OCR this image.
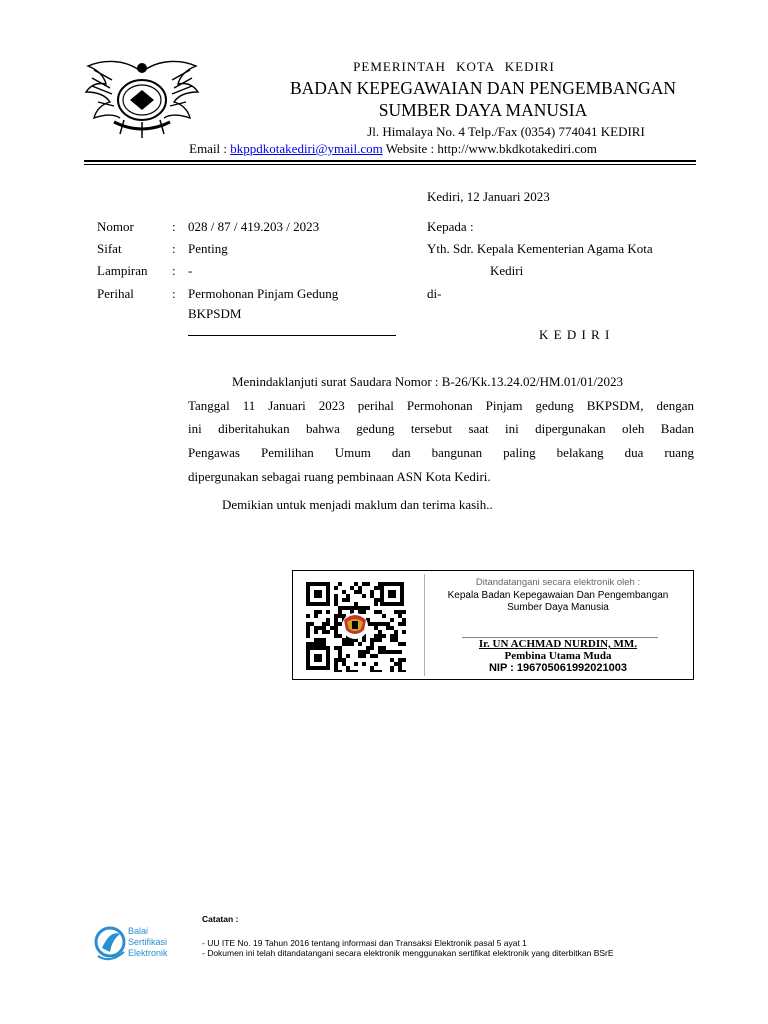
PEMERINTAH KOTA KEDIRI
BADAN KEPEGAWAIAN DAN PENGEMBANGAN
SUMBER DAYA MANUSIA
Jl. Himalaya No. 4 Telp./Fax (0354) 774041 KEDIRI
Email : bkppdkotakediri@ymail.com Website : http://www.bkdkotakediri.com
Kediri, 12 Januari 2023
Nomor	: 028 / 87 / 419.203 / 2023
Sifat	: Penting
Lampiran : -
Perihal	: Permohonan Pinjam Gedung
BKPSDM
Kepada :
Yth. Sdr. Kepala Kementerian Agama Kota
Kediri
di-
K E D I R I
Menindaklanjuti surat Saudara Nomor : B-26/Kk.13.24.02/HM.01/01/2023
Tanggal 11 Januari 2023 perihal Permohonan Pinjam gedung BKPSDM, dengan
ini diberitahukan bahwa gedung tersebut saat ini dipergunakan oleh Badan
Pengawas Pemilihan Umum dan bangunan paling belakang dua ruang
dipergunakan sebagai ruang pembinaan ASN Kota Kediri.
Demikian untuk menjadi maklum dan terima kasih..
Ditandatangani secara elektronik oleh :
Kepala Badan Kepegawaian Dan Pengembangan
Sumber Daya Manusia
Ir. UN ACHMAD NURDIN, MM.
Pembina Utama Muda
NIP : 196705061992021003
Balai
Sertifikasi
Elektronik
Catatan :
- UU ITE No. 19 Tahun 2016 tentang informasi dan Transaksi Elektronik pasal 5 ayat 1
- Dokumen ini telah ditandatangani secara elektronik menggunakan sertifikat elektronik yang diterbitkan BSrE
